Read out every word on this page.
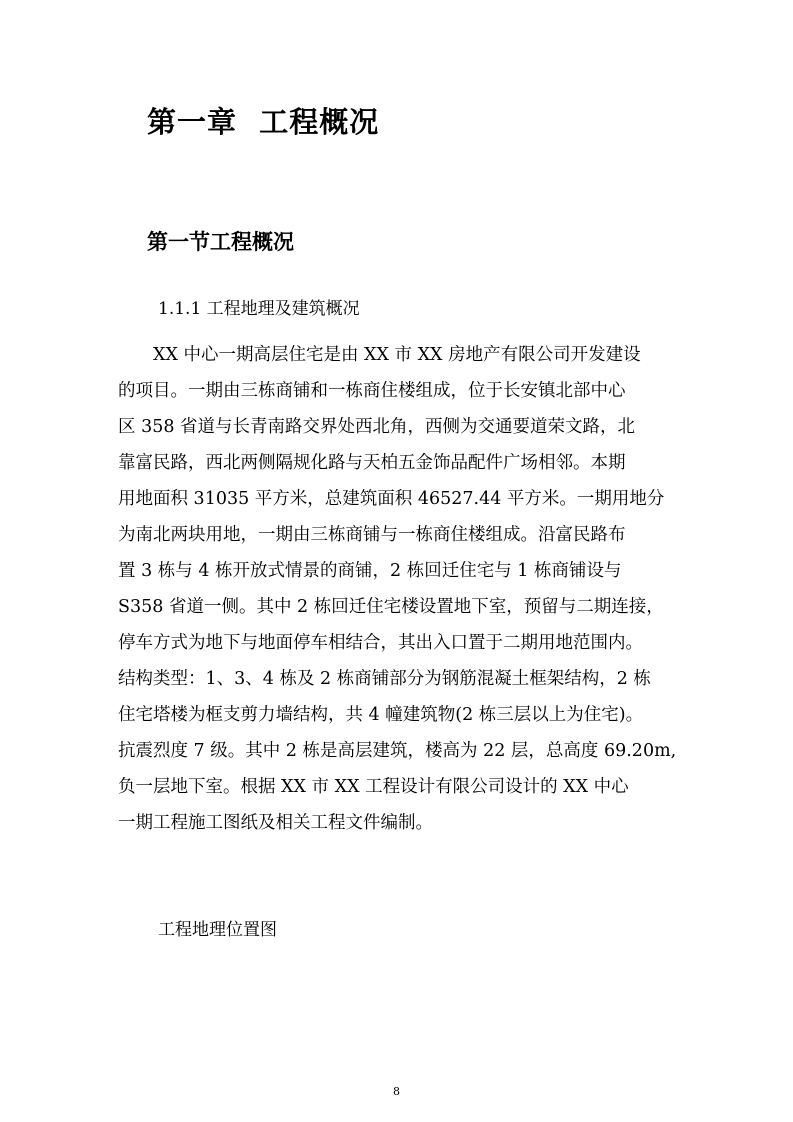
第一章  工程概况
第一节工程概况
1.1.1 工程地理及建筑概况
　　XX 中心一期高层住宅是由 XX 市 XX 房地产有限公司开发建设
的项目。一期由三栋商铺和一栋商住楼组成，位于长安镇北部中心
区 358 省道与长青南路交界处西北角，西侧为交通要道荣文路，北
靠富民路，西北两侧隔规化路与天柏五金饰品配件广场相邻。本期
用地面积 31035 平方米，总建筑面积 46527.44 平方米。一期用地分
为南北两块用地，一期由三栋商铺与一栋商住楼组成。沿富民路布
置 3 栋与 4 栋开放式情景的商铺，2 栋回迁住宅与 1 栋商铺设与
S358 省道一侧。其中 2 栋回迁住宅楼设置地下室，预留与二期连接，
停车方式为地下与地面停车相结合，其出入口置于二期用地范围内。
结构类型：1、3、4 栋及 2 栋商铺部分为钢筋混凝土框架结构，2 栋
住宅塔楼为框支剪力墙结构，共 4 幢建筑物(2 栋三层以上为住宅)。
抗震烈度 7 级。其中 2 栋是高层建筑，楼高为 22 层，总高度 69.20m,
负一层地下室。根据 XX 市 XX 工程设计有限公司设计的 XX 中心
一期工程施工图纸及相关工程文件编制。
工程地理位置图
8
